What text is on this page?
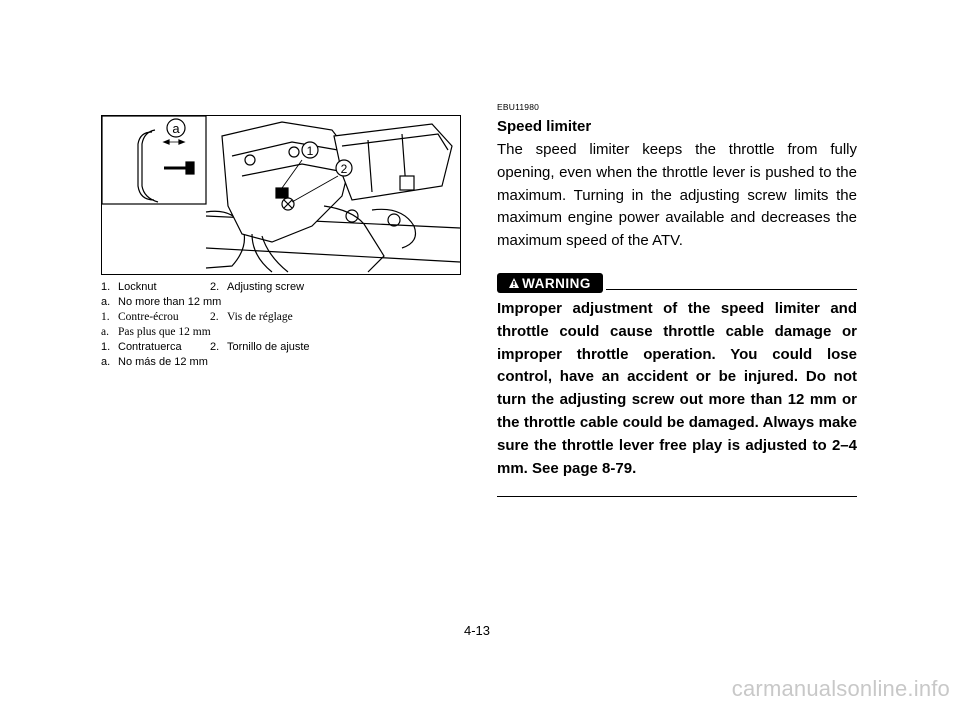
a
1
2
1. Locknut	2. Adjusting screw
a. No more than 12 mm
1. Contre-écrou	2. Vis de réglage
a. Pas plus que 12 mm
1. Contratuerca	2. Tornillo de ajuste
a. No más de 12 mm
EBU11980
Speed limiter
The speed limiter keeps the throttle from fully opening, even when the throttle lever is pushed to the maximum. Turning in the adjusting screw limits the maximum engine power available and decreases the maximum speed of the ATV.
WARNING
Improper adjustment of the speed limiter and throttle could cause throttle cable damage or improper throttle operation. You could lose control, have an accident or be injured. Do not turn the adjusting screw out more than 12 mm or the throttle cable could be damaged. Always make sure the throttle lever free play is adjusted to 2–4 mm. See page 8-79.
4-13
carmanualsonline.info
